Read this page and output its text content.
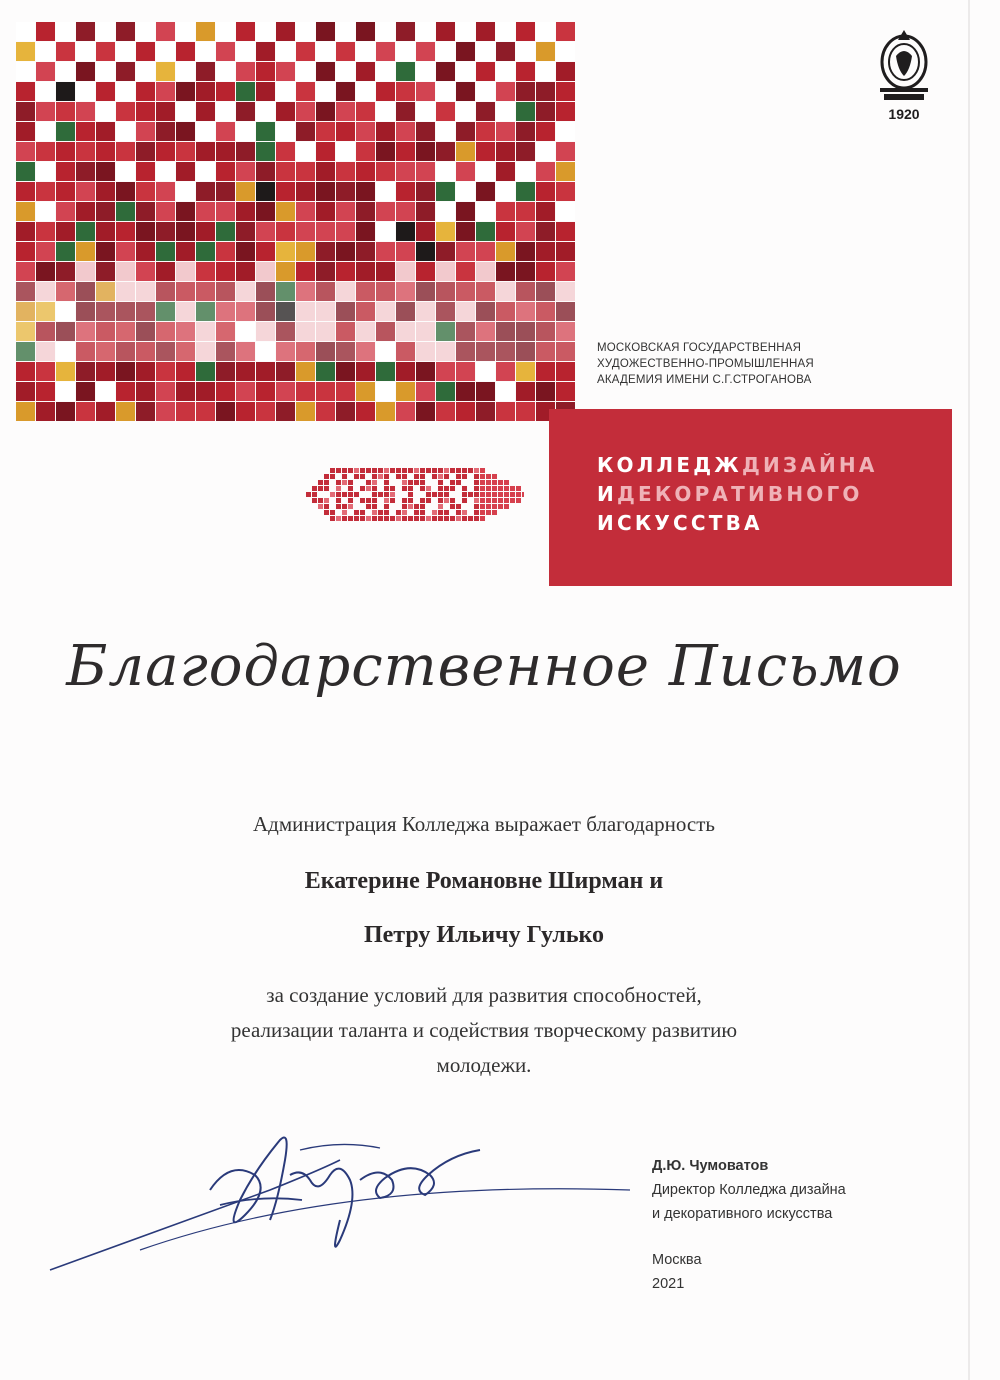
1920
МОСКОВСКАЯ ГОСУДАРСТВЕННАЯ
ХУДОЖЕСТВЕННО-ПРОМЫШЛЕННАЯ
АКАДЕМИЯ ИМЕНИ С.Г.СТРОГАНОВА
КОЛЛЕДЖДИЗАЙНА
ИДЕКОРАТИВНОГО
ИСКУССТВА
Благодарственное Письмо
Администрация Колледжа выражает благодарность
Екатерине Романовне Ширман и
Петру Ильичу Гулько
за создание условий для развития способностей,
реализации таланта и содействия творческому развитию
молодежи.
Д.Ю. Чумоватов
Директор Колледжа дизайна
и декоративного искусства
Москва
2021
